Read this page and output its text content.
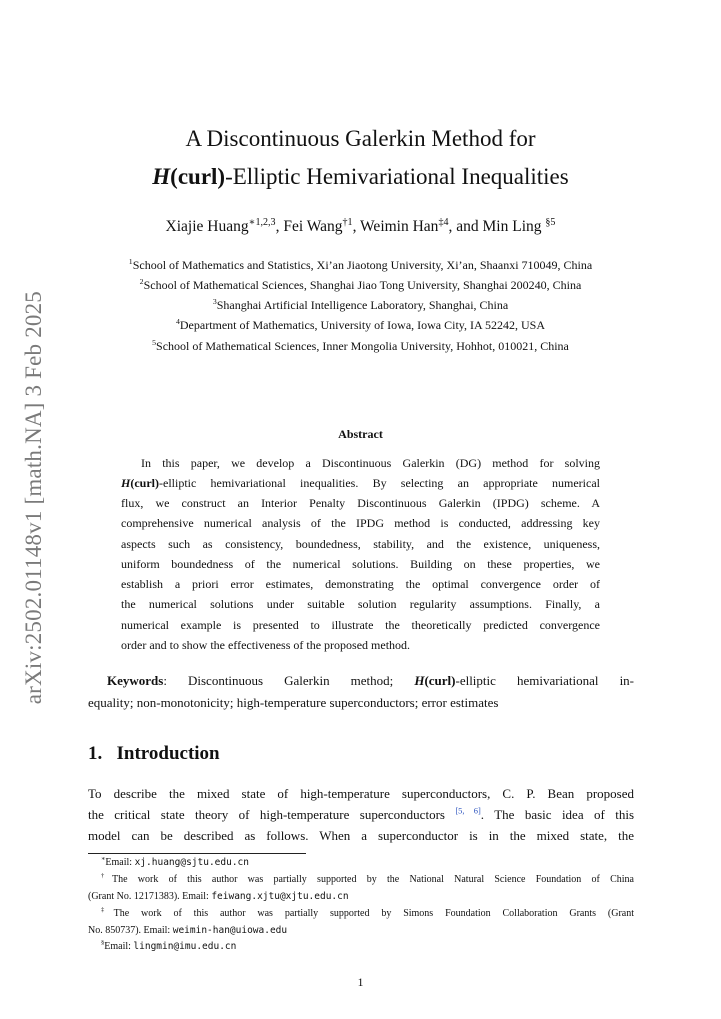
arXiv:2502.01148v1 [math.NA] 3 Feb 2025
A Discontinuous Galerkin Method for
H(curl)-Elliptic Hemivariational Inequalities
Xiajie Huang$^{∗1,2,3}$, Fei Wang$^{\dagger 1}$, Weimin Han$^{\ddagger 4}$, and Min Ling $^{\S 5}$
$^1$School of Mathematics and Statistics, Xi’an Jiaotong University, Xi’an, Shaanxi 710049, China
$^2$School of Mathematical Sciences, Shanghai Jiao Tong University, Shanghai 200240, China
$^3$Shanghai Artificial Intelligence Laboratory, Shanghai, China
$^4$Department of Mathematics, University of Iowa, Iowa City, IA 52242, USA
$^5$School of Mathematical Sciences, Inner Mongolia University, Hohhot, 010021, China
Abstract
In this paper, we develop a Discontinuous Galerkin (DG) method for solving
H(curl)-elliptic hemivariational inequalities. By selecting an appropriate numerical
flux, we construct an Interior Penalty Discontinuous Galerkin (IPDG) scheme. A
comprehensive numerical analysis of the IPDG method is conducted, addressing key
aspects such as consistency, boundedness, stability, and the existence, uniqueness,
uniform boundedness of the numerical solutions. Building on these properties, we
establish a priori error estimates, demonstrating the optimal convergence order of
the numerical solutions under suitable solution regularity assumptions. Finally, a
numerical example is presented to illustrate the theoretically predicted convergence
order and to show the effectiveness of the proposed method.
Keywords: Discontinuous Galerkin method; H(curl)-elliptic hemivariational in-
equality; non-monotonicity; high-temperature superconductors; error estimates
1. Introduction
To describe the mixed state of high-temperature superconductors, C. P. Bean proposed
the critical state theory of high-temperature superconductors [5, 6]. The basic idea of this
model can be described as follows. When a superconductor is in the mixed state, the
∗Email: xj.huang@sjtu.edu.cn
†The work of this author was partially supported by the National Natural Science Foundation of China
(Grant No. 12171383). Email: feiwang.xjtu@xjtu.edu.cn
‡The work of this author was partially supported by Simons Foundation Collaboration Grants (Grant
No. 850737). Email: weimin-han@uiowa.edu
§Email: lingmin@imu.edu.cn
1
